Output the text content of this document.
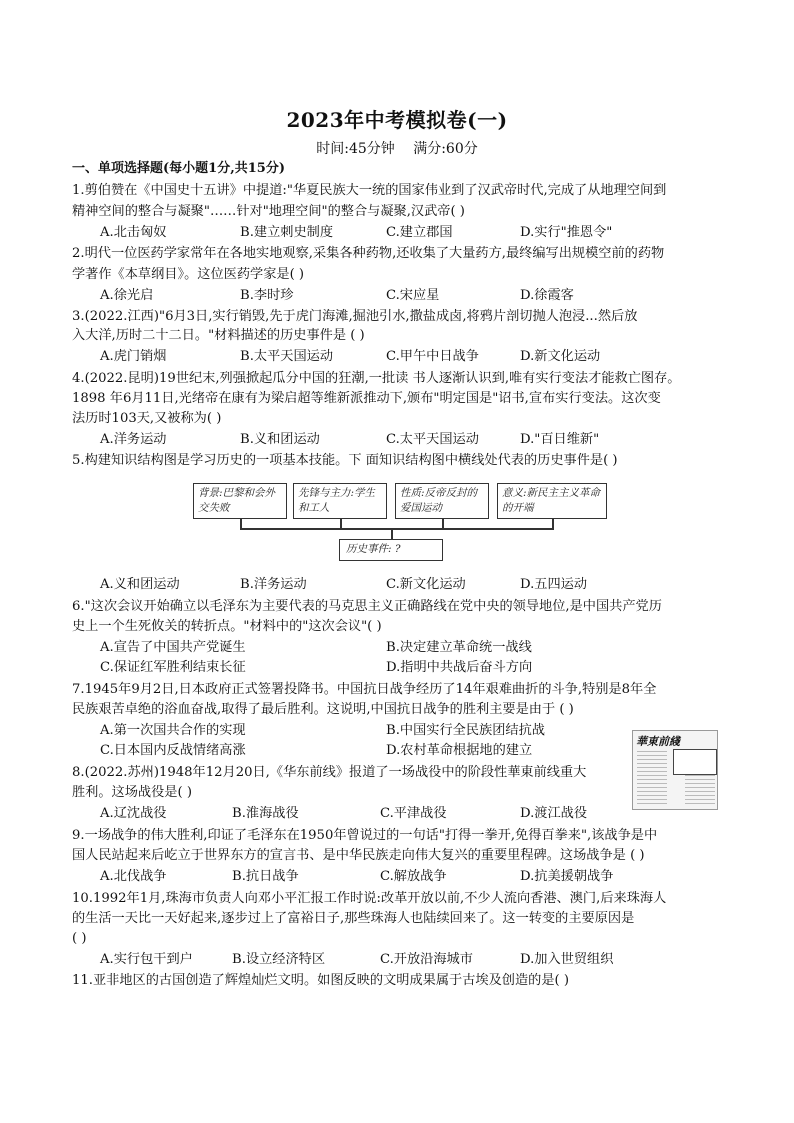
2023年中考模拟卷(一)
时间:45分钟 满分:60分
一、单项选择题(每小题1分,共15分)
1.剪伯赞在《中国史十五讲》中提道:"华夏民族大一统的国家伟业到了汉武帝时代,完成了从地理空间到
精神空间的整合与凝聚"……针对"地理空间"的整合与凝聚,汉武帝( )
A.北击匈奴	B.建立刺史制度	C.建立郡国	D.实行"推恩令"
2.明代一位医药学家常年在各地实地观察,采集各种药物,还收集了大量药方,最终编写出规模空前的药物
学著作《本草纲目》。这位医药学家是( )
A.徐光启	B.李时珍	C.宋应星	D.徐霞客
3.(2022.江西)"6月3日,实行销毁,先于虎门海滩,掘池引水,撒盐成卤,将鸦片剖切抛人泡浸...然后放
入大洋,历时二十二日。"材料描述的历史事件是 ( )
A.虎门销烟	B.太平天国运动	C.甲午中日战争	D.新文化运动
4.(2022.昆明)19世纪末,列强掀起瓜分中国的狂潮,一批读 书人逐渐认识到,唯有实行变法才能救亡图存。
1898 年6月11日,光绪帝在康有为梁启超等维新派推动下,颁布"明定国是"诏书,宣布实行变法。这次变
法历时103天,又被称为( )
A.洋务运动	B.义和团运动	C.太平天国运动	D."百日维新"
5.构建知识结构图是学习历史的一项基本技能。下 面知识结构图中横线处代表的历史事件是( )
背景:巴黎和会外交失败
先锋与主力:学生和工人
性质:反帝反封的爱国运动
意义:新民主主义革命的开端
历史事件: ?
A.义和团运动	B.洋务运动	C.新文化运动	D.五四运动
6."这次会议开始确立以毛泽东为主要代表的马克思主义正确路线在党中央的领导地位,是中国共产党历
史上一个生死攸关的转折点。"材料中的"这次会议"( )
A.宣告了中国共产党诞生	B.决定建立革命统一战线
C.保证红军胜利结束长征	D.指明中共战后奋斗方向
7.1945年9月2日,日本政府正式签署投降书。中国抗日战争经历了14年艰难曲折的斗争,特别是8年全
民族艰苦卓绝的浴血奋战,取得了最后胜利。这说明,中国抗日战争的胜利主要是由于 ( )
A.第一次国共合作的实现	B.中国实行全民族团结抗战
C.日本国内反战情绪高涨	D.农村革命根据地的建立
華東前綫
8.(2022.苏州)1948年12月20日,《华东前线》报道了一场战役中的阶段性華東前线重大
胜利。这场战役是( )
A.辽沈战役	B.淮海战役	C.平津战役	D.渡江战役
9.一场战争的伟大胜利,印证了毛泽东在1950年曾说过的一句话"打得一拳开,免得百拳来",该战争是中
国人民站起来后屹立于世界东方的宣言书、是中华民族走向伟大复兴的重要里程碑。这场战争是 ( )
A.北伐战争	B.抗日战争	C.解放战争	D.抗美援朝战争
10.1992年1月,珠海市负责人向邓小平汇报工作时说:改革开放以前,不少人流向香港、澳门,后来珠海人
的生活一天比一天好起来,逐步过上了富裕日子,那些珠海人也陆续回来了。这一转变的主要原因是
( )
A.实行包干到户	B.设立经济特区	C.开放沿海城市	D.加入世贸组织
11.亚非地区的古国创造了辉煌灿烂文明。如图反映的文明成果属于古埃及创造的是( )
